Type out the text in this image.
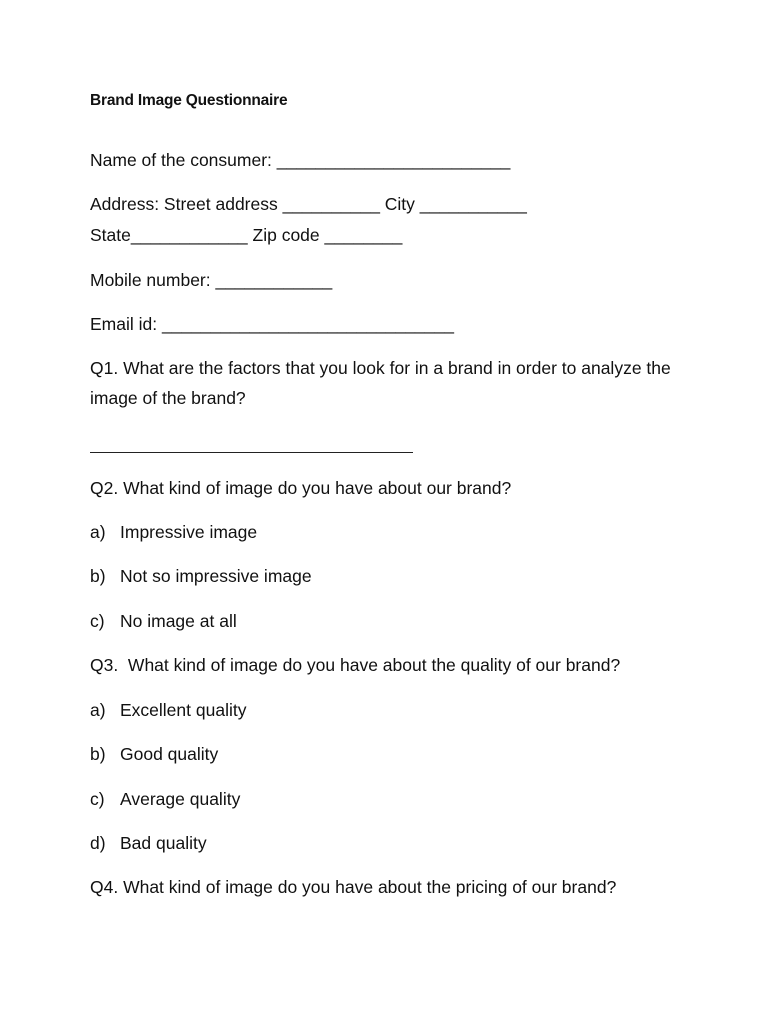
Brand Image Questionnaire
Name of the consumer: ________________________
Address: Street address __________ City ___________
State____________ Zip code ________
Mobile number: ____________
Email id: ______________________________
Q1. What are the factors that you look for in a brand in order to analyze the
image of the brand?
Q2. What kind of image do you have about our brand?
a) Impressive image
b) Not so impressive image
c) No image at all
Q3.  What kind of image do you have about the quality of our brand?
a) Excellent quality
b) Good quality
c) Average quality
d) Bad quality
Q4. What kind of image do you have about the pricing of our brand?
